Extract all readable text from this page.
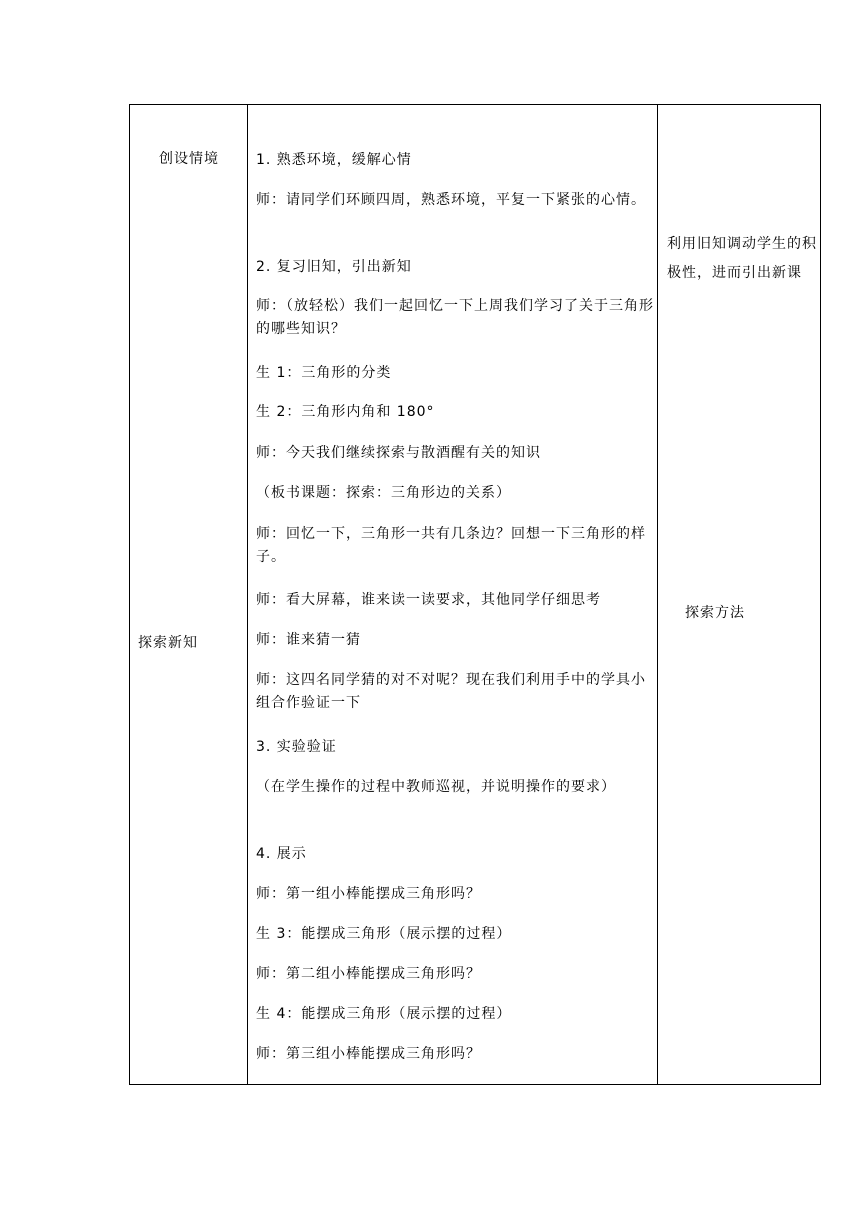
创设情境
探索新知
利用旧知调动学生的积极性，进而引出新课
探索方法
1. 熟悉环境，缓解心情
师：请同学们环顾四周，熟悉环境，平复一下紧张的心情。
2. 复习旧知，引出新知
师：（放轻松）我们一起回忆一下上周我们学习了关于三角形的哪些知识？
生 1：三角形的分类
生 2：三角形内角和 180°
师：今天我们继续探索与散酒醒有关的知识
（板书课题：探索：三角形边的关系）
师：回忆一下，三角形一共有几条边？回想一下三角形的样子。
师：看大屏幕，谁来读一读要求，其他同学仔细思考
师：谁来猜一猜
师：这四名同学猜的对不对呢？现在我们利用手中的学具小组合作验证一下
3. 实验验证
（在学生操作的过程中教师巡视，并说明操作的要求）
4. 展示
师：第一组小棒能摆成三角形吗？
生 3：能摆成三角形（展示摆的过程）
师：第二组小棒能摆成三角形吗？
生 4：能摆成三角形（展示摆的过程）
师：第三组小棒能摆成三角形吗？
